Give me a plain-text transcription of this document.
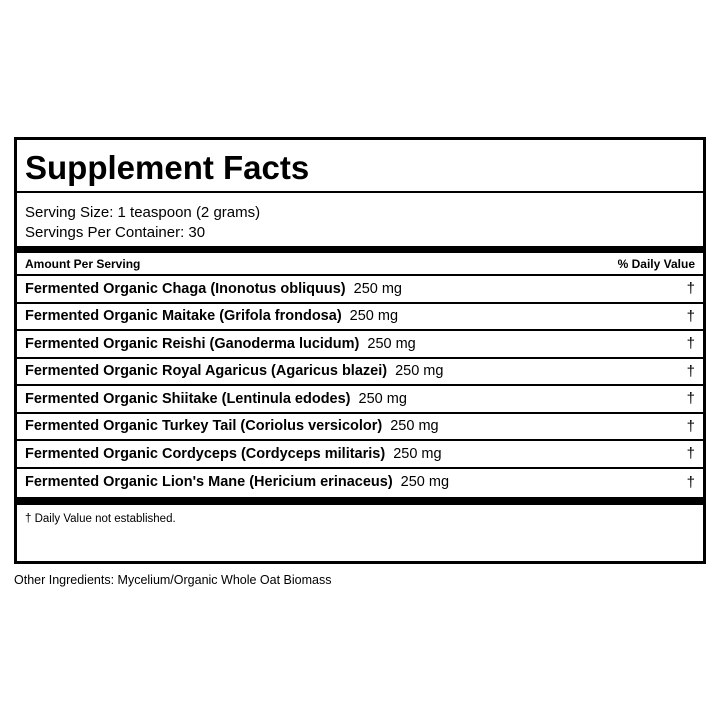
Supplement Facts
Serving Size: 1 teaspoon (2 grams)
Servings Per Container: 30
Amount Per Serving	% Daily Value
Fermented Organic Chaga (Inonotus obliquus) 250 mg	†
Fermented Organic Maitake (Grifola frondosa) 250 mg	†
Fermented Organic Reishi (Ganoderma lucidum) 250 mg	†
Fermented Organic Royal Agaricus (Agaricus blazei) 250 mg	†
Fermented Organic Shiitake (Lentinula edodes) 250 mg	†
Fermented Organic Turkey Tail (Coriolus versicolor) 250 mg	†
Fermented Organic Cordyceps (Cordyceps militaris) 250 mg	†
Fermented Organic Lion's Mane (Hericium erinaceus) 250 mg	†
† Daily Value not established.
Other Ingredients: Mycelium/Organic Whole Oat Biomass
